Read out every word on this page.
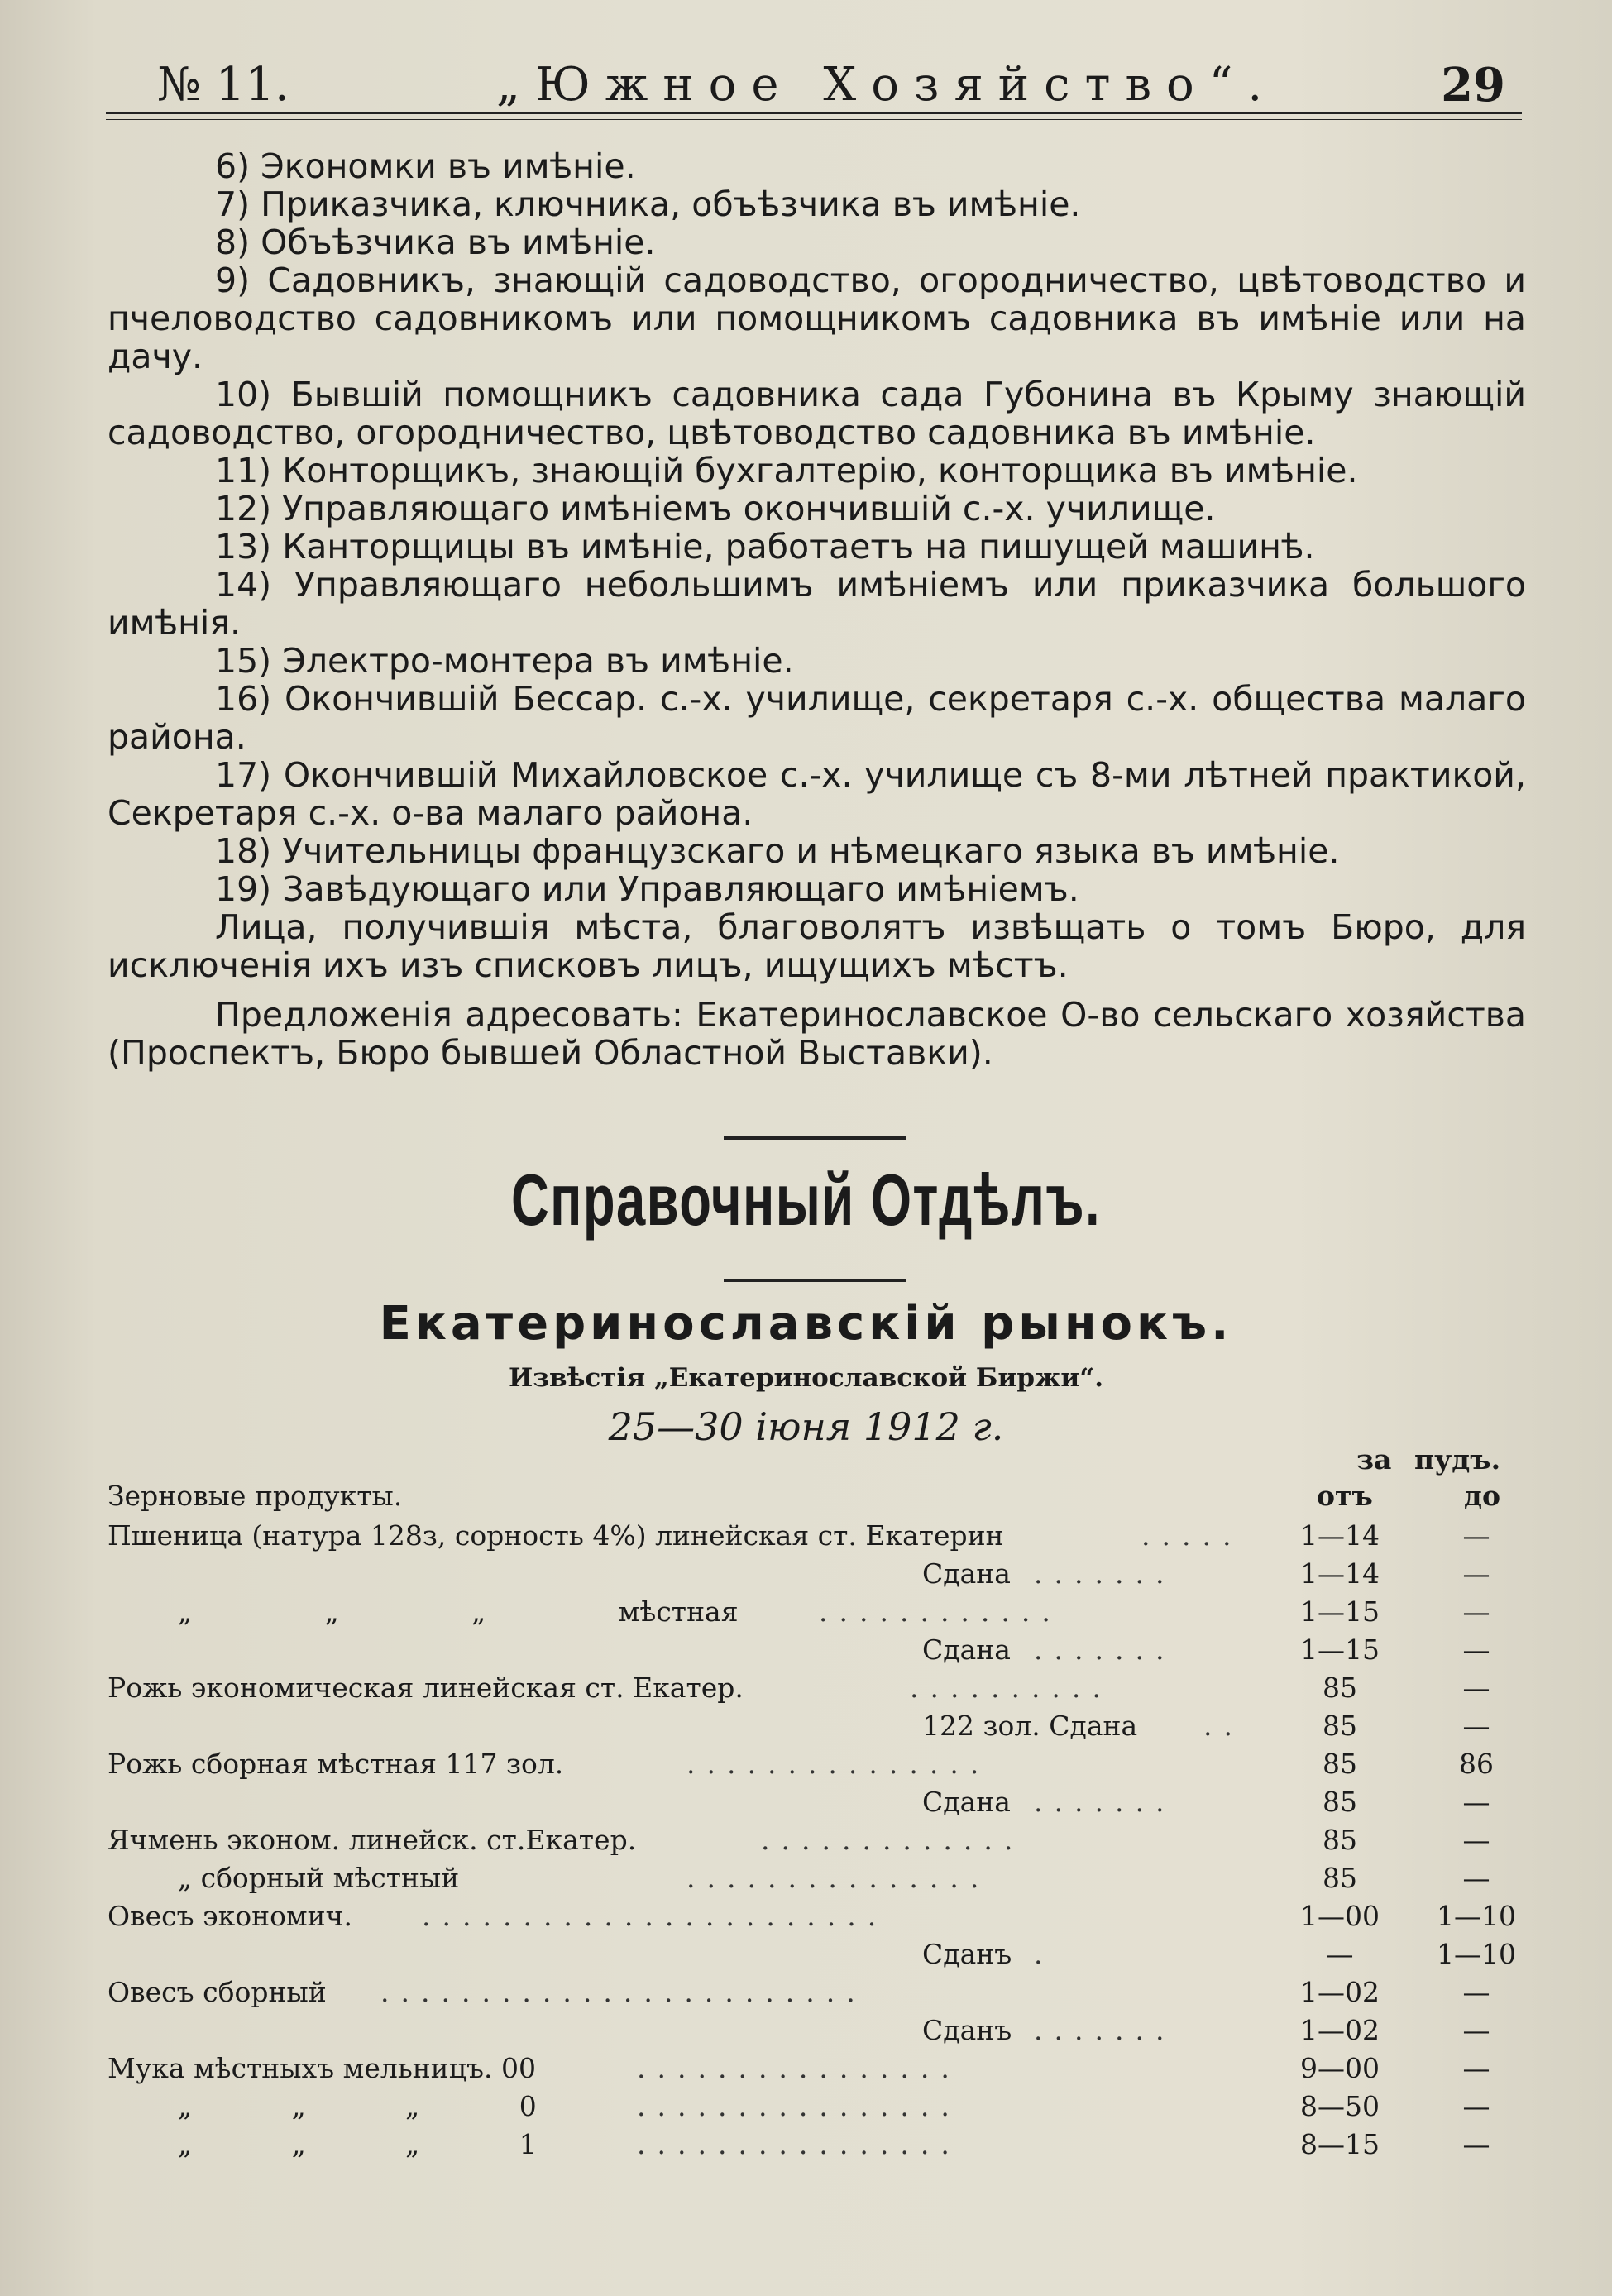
№ 11.	„Южное Хозяйство“.	29

6) Экономки въ имѣніе.

7) Приказчика, ключника, объѣзчика въ имѣніе.

8) Объѣзчика въ имѣніе.

9) Садовникъ, знающій садоводство, огородничество, цвѣтоводство и пчеловодство садовникомъ или помощникомъ садовника въ имѣніе или на дачу.

10) Бывшій помощникъ садовника сада Губонина въ Крыму знающій садоводство, огородничество, цвѣтоводство садовника въ имѣніе.

11) Конторщикъ, знающій бухгалтерію, конторщика въ имѣніе.

12) Управляющаго имѣніемъ окончившій с.-х. училище.

13) Канторщицы въ имѣніе, работаетъ на пишущей машинѣ.

14) Управляющаго небольшимъ имѣніемъ или приказчика большого имѣнія.

15) Электро-монтера въ имѣніе.

16) Окончившій Бессар. с.-х. училище, секретаря с.-х. общества малаго района.

17) Окончившій Михайловское с.-х. училище съ 8-ми лѣтней практикой, Секретаря с.-х. о-ва малаго района.

18) Учительницы французскаго и нѣмецкаго языка въ имѣніе.

19) Завѣдующаго или Управляющаго имѣніемъ.

Лица, получившія мѣста, благоволятъ извѣщать о томъ Бюро, для исключенія ихъ изъ списковъ лицъ, ищущихъ мѣстъ.

Предложенія адресовать: Екатеринославское О-во сельскаго хозяйства (Проспектъ, Бюро бывшей Областной Выставки).

Справочный Отдѣлъ.
Екатеринославскій рынокъ.
Извѣстія „Екатеринославской Биржи“.
25—30 іюня 1912 г.
за пудъ.
отъ	до
Зерновые продукты.
Пшеница (натура 128з, сорность 4%) линейская ст. Екатерин	.....	1—14	—
Сдана .......	1—14	—
„ „ „ мѣстная	............	1—15	—
Сдана .......	1—15	—
Рожь экономическая линейская ст. Екатер.	..........	85	—
122 зол. Сдана ..	85	—
Рожь сборная мѣстная 117 зол.	...............	85	86
Сдана .......	85	—
Ячмень эконом. линейск. ст.Екатер.	.............	85	—
„ сборный мѣстный	...............	85	—
Овесъ экономич.	.......................	1—00	1—10
Сданъ .	—	1—10
Овесъ сборный ........................	1—02	—
Сданъ .......	1—02	—
Мука мѣстныхъ мельницъ. 00	................	9—00	—
„ „ „ 0	................	8—50	—
„ „ „ 1	................	8—15	—
